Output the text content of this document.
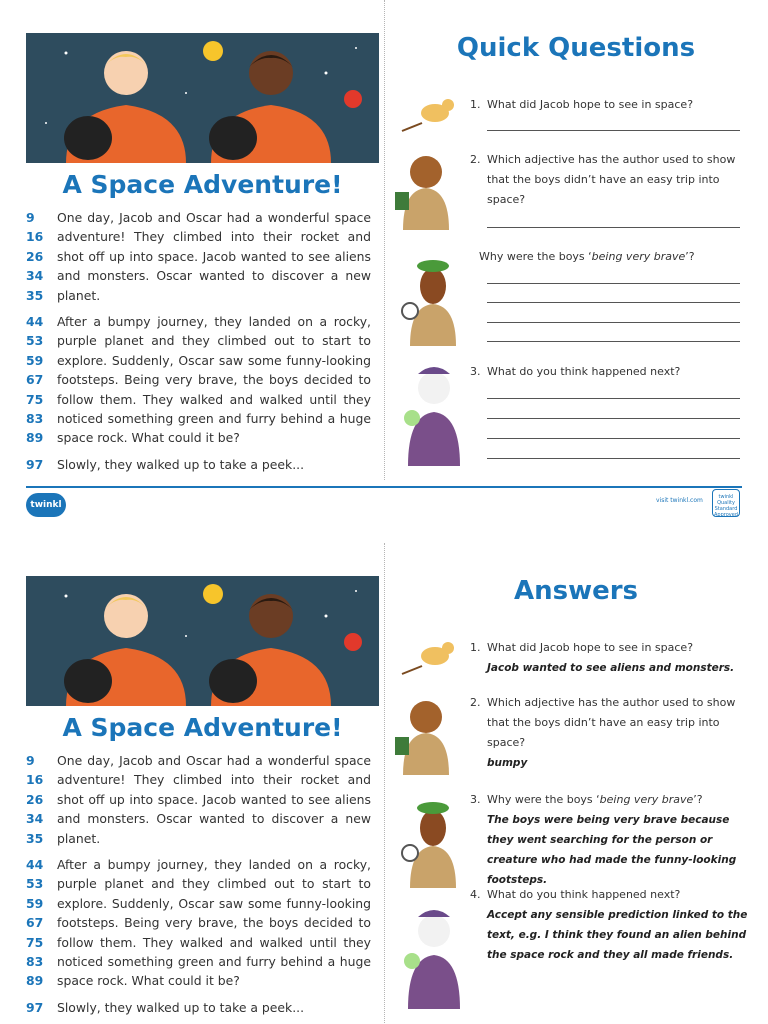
A Space Adventure!
9	One day, Jacob and Oscar had a wonderful space
16	adventure! They climbed into their rocket and
26	shot off up into space. Jacob wanted to see aliens
34	and monsters. Oscar wanted to discover a new
35	planet.
44	After a bumpy journey, they landed on a rocky,
53	purple planet and they climbed out to start to
59	explore. Suddenly, Oscar saw some funny-looking
67	footsteps. Being very brave, the boys decided to
75	follow them. They walked and walked until they
83	noticed something green and furry behind a huge
89	space rock. What could it be?
97	Slowly, they walked up to take a peek...
Quick Questions
1. What did Jacob hope to see in space?
2. Which adjective has the author used to show that the boys didn’t have an easy trip into space?
Why were the boys ‘being very brave’?
3. What do you think happened next?
twinkl	visit twinkl.com	twinkl Quality Standard Approved
A Space Adventure!
9	One day, Jacob and Oscar had a wonderful space
16	adventure! They climbed into their rocket and
26	shot off up into space. Jacob wanted to see aliens
34	and monsters. Oscar wanted to discover a new
35	planet.
44	After a bumpy journey, they landed on a rocky,
53	purple planet and they climbed out to start to
59	explore. Suddenly, Oscar saw some funny-looking
67	footsteps. Being very brave, the boys decided to
75	follow them. They walked and walked until they
83	noticed something green and furry behind a huge
89	space rock. What could it be?
97	Slowly, they walked up to take a peek...
Answers
1. What did Jacob hope to see in space?
Jacob wanted to see aliens and monsters.
2. Which adjective has the author used to show that the boys didn’t have an easy trip into space?
bumpy
3. Why were the boys ‘being very brave’?
The boys were being very brave because they went searching for the person or creature who had made the funny-looking footsteps.
4. What do you think happened next?
Accept any sensible prediction linked to the text, e.g. I think they found an alien behind the space rock and they all made friends.
